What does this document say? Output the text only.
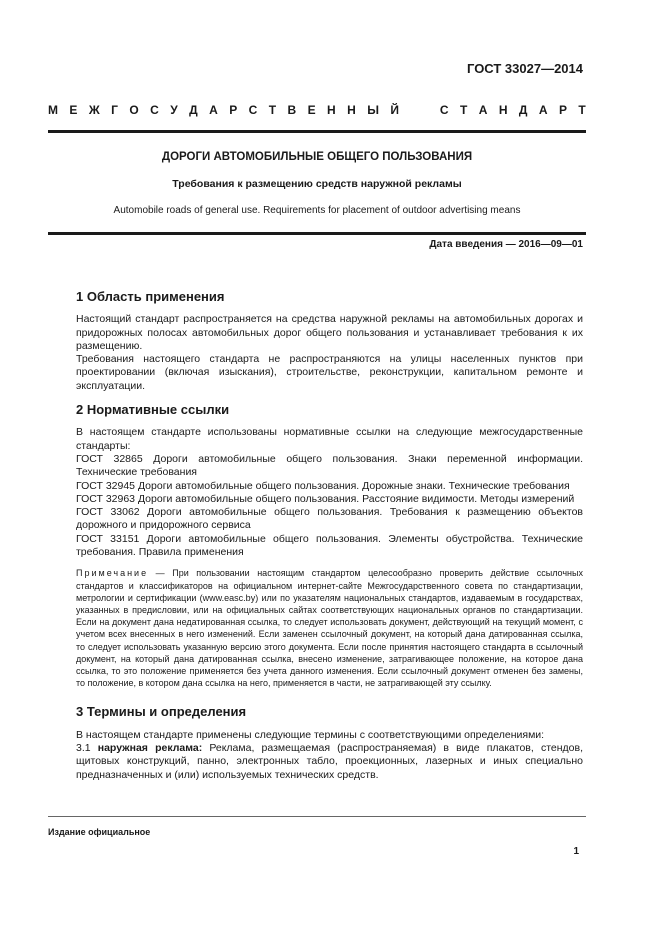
ГОСТ 33027—2014
М Е Ж Г О С У Д А Р С Т В Е Н Н Ы Й	С Т А Н Д А Р Т
ДОРОГИ АВТОМОБИЛЬНЫЕ ОБЩЕГО ПОЛЬЗОВАНИЯ
Требования к размещению средств наружной рекламы
Automobile roads of general use. Requirements for placement of outdoor advertising means
Дата введения — 2016—09—01
1 Область применения

Настоящий стандарт распространяется на средства наружной рекламы на автомобильных дорогах и придорожных полосах автомобильных дорог общего пользования и устанавливает требования к их размещению.

Требования настоящего стандарта не распространяются на улицы населенных пунктов при проектировании (включая изыскания), строительстве, реконструкции, капитальном ремонте и эксплуатации.

2 Нормативные ссылки

В настоящем стандарте использованы нормативные ссылки на следующие межгосударственные стандарты:

ГОСТ 32865 Дороги автомобильные общего пользования. Знаки переменной информации. Технические требования

ГОСТ 32945 Дороги автомобильные общего пользования. Дорожные знаки. Технические требования

ГОСТ 32963 Дороги автомобильные общего пользования. Расстояние видимости. Методы измерений

ГОСТ 33062 Дороги автомобильные общего пользования. Требования к размещению объектов дорожного и придорожного сервиса

ГОСТ 33151 Дороги автомобильные общего пользования. Элементы обустройства. Технические требования. Правила применения

Примечание — При пользовании настоящим стандартом целесообразно проверить действие ссылочных стандартов и классификаторов на официальном интернет-сайте Межгосударственного совета по стандартизации, метрологии и сертификации (www.easc.by) или по указателям национальных стандартов, издаваемым в государствах, указанных в предисловии, или на официальных сайтах соответствующих национальных органов по стандартизации. Если на документ дана недатированная ссылка, то следует использовать документ, действующий на текущий момент, с учетом всех внесенных в него изменений. Если заменен ссылочный документ, на который дана датированная ссылка, то следует использовать указанную версию этого документа. Если после принятия настоящего стандарта в ссылочный документ, на который дана датированная ссылка, внесено изменение, затрагивающее положение, на которое дана ссылка, то это положение применяется без учета данного изменения. Если ссылочный документ отменен без замены, то положение, в котором дана ссылка на него, применяется в части, не затрагивающей эту ссылку.

3 Термины и определения

В настоящем стандарте применены следующие термины с соответствующими определениями:

3.1 наружная реклама: Реклама, размещаемая (распространяемая) в виде плакатов, стендов, щитовых конструкций, панно, электронных табло, проекционных, лазерных и иных специально предназначенных и (или) используемых технических средств.

Издание официальное
1
